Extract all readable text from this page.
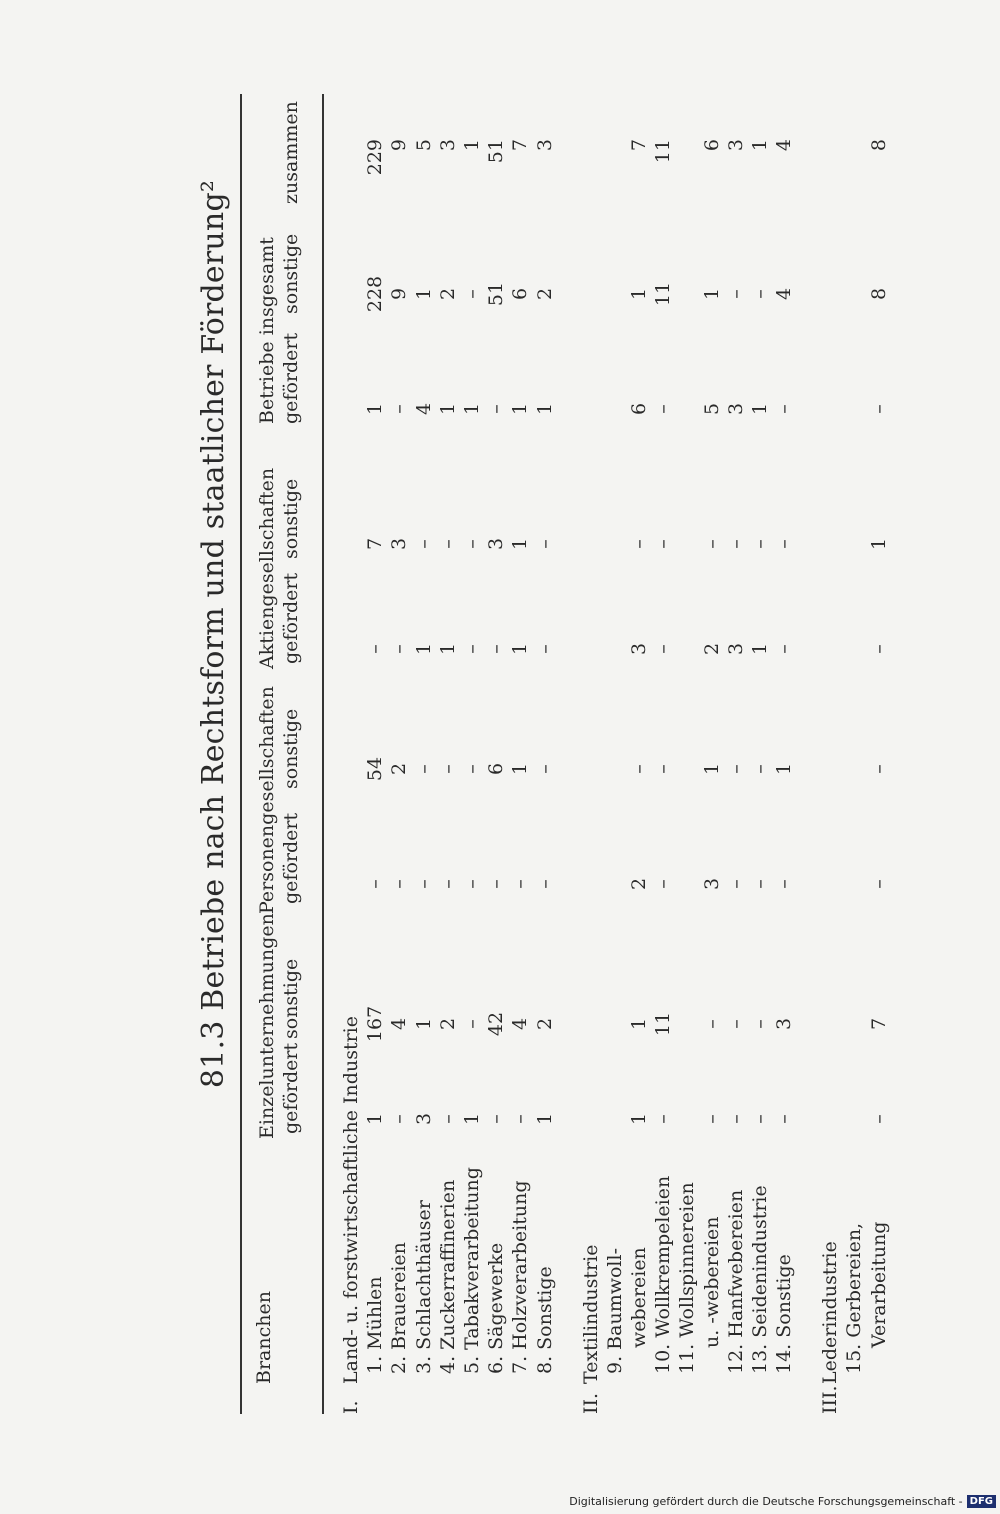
81.3 Betriebe nach Rechtsform und staatlicher Förderung²
Branchen
Einzelunternehmungen gefördert
sonstige
Personengesellschaften gefördert
sonstige
Aktiengesellschaften gefördert
sonstige
Betriebe insgesamt gefördert
sonstige
zusammen
I.
Land- u. forstwirtschaftliche Industrie 1. Mühlen
1
167
–
54
–
7
1
228
229
2. Brauereien
–
4
–
2
–
3
–
9
9
3. Schlachthäuser
3
1
–
–
1
–
4
1
5
4. Zuckerraffinerien
–
2
–
–
1
–
1
2
3
5. Tabakverarbeitung
1
–
–
–
–
–
1
–
1
6. Sägewerke
–
42
–
6
–
3
–
51
51
7. Holzverarbeitung
–
4
–
1
1
1
1
6
7
8. Sonstige
1
2
–
–
–
–
1
2
3
II.
Textilindustrie 9. Baumwoll- webereien
1
1
2
–
3
–
6
1
7
10. Wollkrempeleien
–
11
–
–
–
–
–
11
11
11. Wollspinnereien u. -webereien
–
–
3
1
2
–
5
1
6
12. Hanfwebereien
–
–
–
–
3
–
3
–
3
13. Seidenindustrie
–
–
–
–
1
–
1
–
1
14. Sonstige
–
3
–
1
–
–
–
4
4
III.
Lederindustrie 15. Gerbereien, Verarbeitung
–
7
–
–
–
1
–
8
8
Digitalisierung gefördert durch die Deutsche Forschungsgemeinschaft - DFG
